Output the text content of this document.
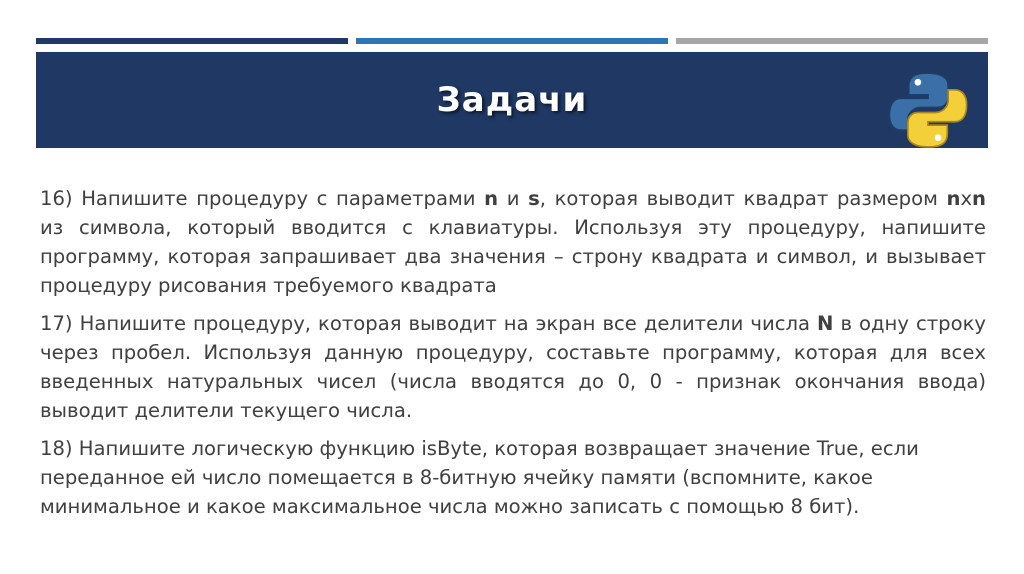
Задачи

16) Напишите процедуру с параметрами n и s, которая выводит квадрат размером nxn из символа, который вводится с клавиатуры. Используя эту процедуру, напишите программу, которая запрашивает два значения – строну квадрата и символ, и вызывает процедуру рисования требуемого квадрата

17) Напишите процедуру, которая выводит на экран все делители числа N в одну строку через пробел. Используя данную процедуру, составьте программу, которая для всех введенных натуральных чисел (числа вводятся до 0, 0 - признак окончания ввода) выводит делители текущего числа.

18) Напишите логическую функцию isByte, которая возвращает значение True, если переданное ей число помещается в 8-битную ячейку памяти (вспомните, какое минимальное и какое максимальное числа можно записать с помощью 8 бит).
